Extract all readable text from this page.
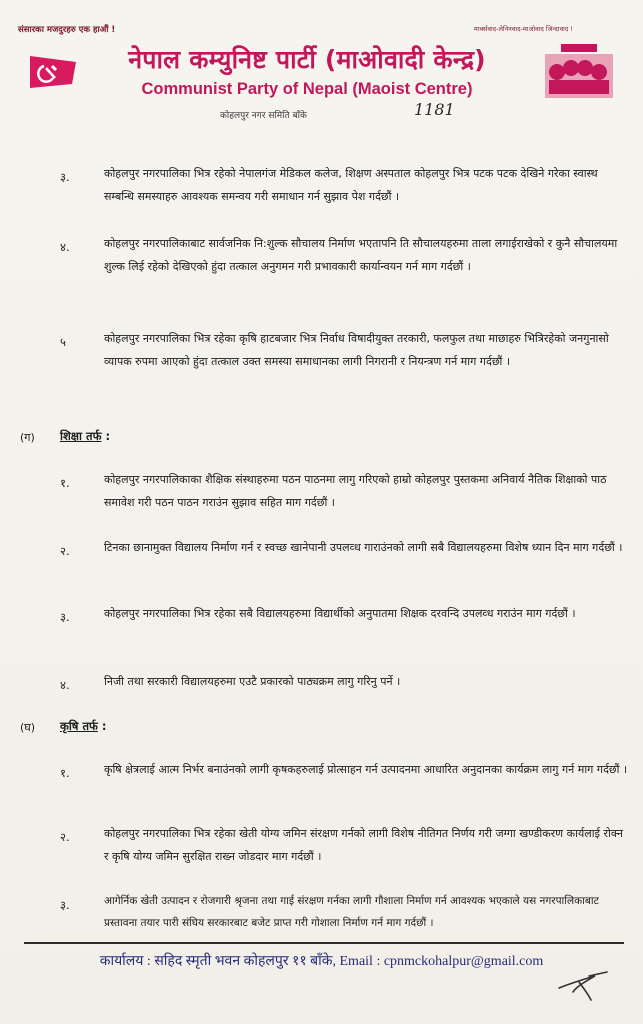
संसारका मजदुरहरु एक हाऔं !	मार्क्सवाद-लेनिनवाद-माओवाद जिन्दावाद !
नेपाल कम्युनिष्ट पार्टी (माओवादी केन्द्र)
Communist Party of Nepal (Maoist Centre)
कोहलपुर नगर समिति बाँके	1181
३.	कोहलपुर नगरपालिका भित्र रहेको नेपालगंज मेडिकल कलेज, शिक्षण अस्पताल कोहलपुर भित्र पटक पटक देखिने गरेका स्वास्थ सम्बन्धि समस्याहरु आवश्यक समन्वय गरी समाधान गर्न सुझाव पेश गर्दछौं ।
४.	कोहलपुर नगरपालिकाबाट सार्वजनिक नि:शुल्क सौचालय निर्माण भएतापनि ति सौचालयहरुमा ताला लगाईराखेको र कुनै सौचालयमा शुल्क लिई रहेको देखिएको हुंदा तत्काल अनुगमन गरी प्रभावकारी कार्यान्वयन गर्न माग गर्दछौं ।
५	कोहलपुर नगरपालिका भित्र रहेका कृषि हाटबजार भित्र निर्वाध विषादीयुक्त तरकारी, फलफुल तथा माछाहरु भित्रिरहेको जनगुनासो व्यापक रुपमा आएको हुंदा तत्काल उक्त समस्या समाधानका लागी निगरानी र नियन्त्रण गर्न माग गर्दछौं ।
(ग) शिक्षा तर्फ :
१.	कोहलपुर नगरपालिकाका शैक्षिक संस्थाहरुमा पठन पाठनमा लागु गरिएको हाम्रो कोहलपुर पुस्तकमा अनिवार्य नैतिक शिक्षाको पाठ समावेश गरी पठन पाठन गराउंन सुझाव सहित माग गर्दछौं ।
२.	टिनका छानामुक्त विद्यालय निर्माण गर्न र स्वच्छ खानेपानी उपलव्ध गाराउंनको लागी सबै विद्यालयहरुमा विशेष ध्यान दिन माग गर्दछौं ।
३.	कोहलपुर नगरपालिका भित्र रहेका सबै विद्यालयहरुमा विद्यार्थीको अनुपातमा शिक्षक दरवन्दि उपलव्ध गराउंन माग गर्दछौं ।
४.	निजी तथा सरकारी विद्यालयहरुमा एउटै प्रकारको पाठ्यक्रम लागु गरिनु पर्ने ।
(घ) कृषि तर्फ :
१.	कृषि क्षेत्रलाई आत्म निर्भर बनाउंनको लागी कृषकहरुलाई प्रोत्साहन गर्न उत्पादनमा आधारित अनुदानका कार्यक्रम लागु गर्न माग गर्दछौं ।
२.	कोहलपुर नगरपालिका भित्र रहेका खेती योग्य जमिन संरक्षण गर्नको लागी विशेष नीतिगत निर्णय गरी जग्गा खण्डीकरण कार्यलाई रोक्न र कृषि योग्य जमिन सुरक्षित राख्न जोडदार माग गर्दछौं ।
३.	आगेर्निक खेती उत्पादन र रोजगारी श्रृजना तथा गाई संरक्षण गर्नका लागी गौशाला निर्माण गर्न आवश्यक भएकाले यस नगरपालिकाबाट प्रस्तावना तयार पारी संघिय सरकारबाट बजेट प्राप्त गरी गोशाला निर्माण गर्न माग गर्दछौं ।
कार्यालय : सहिद स्मृती भवन कोहलपुर ११ बाँके, Email : cpnmckohalpur@gmail.com
